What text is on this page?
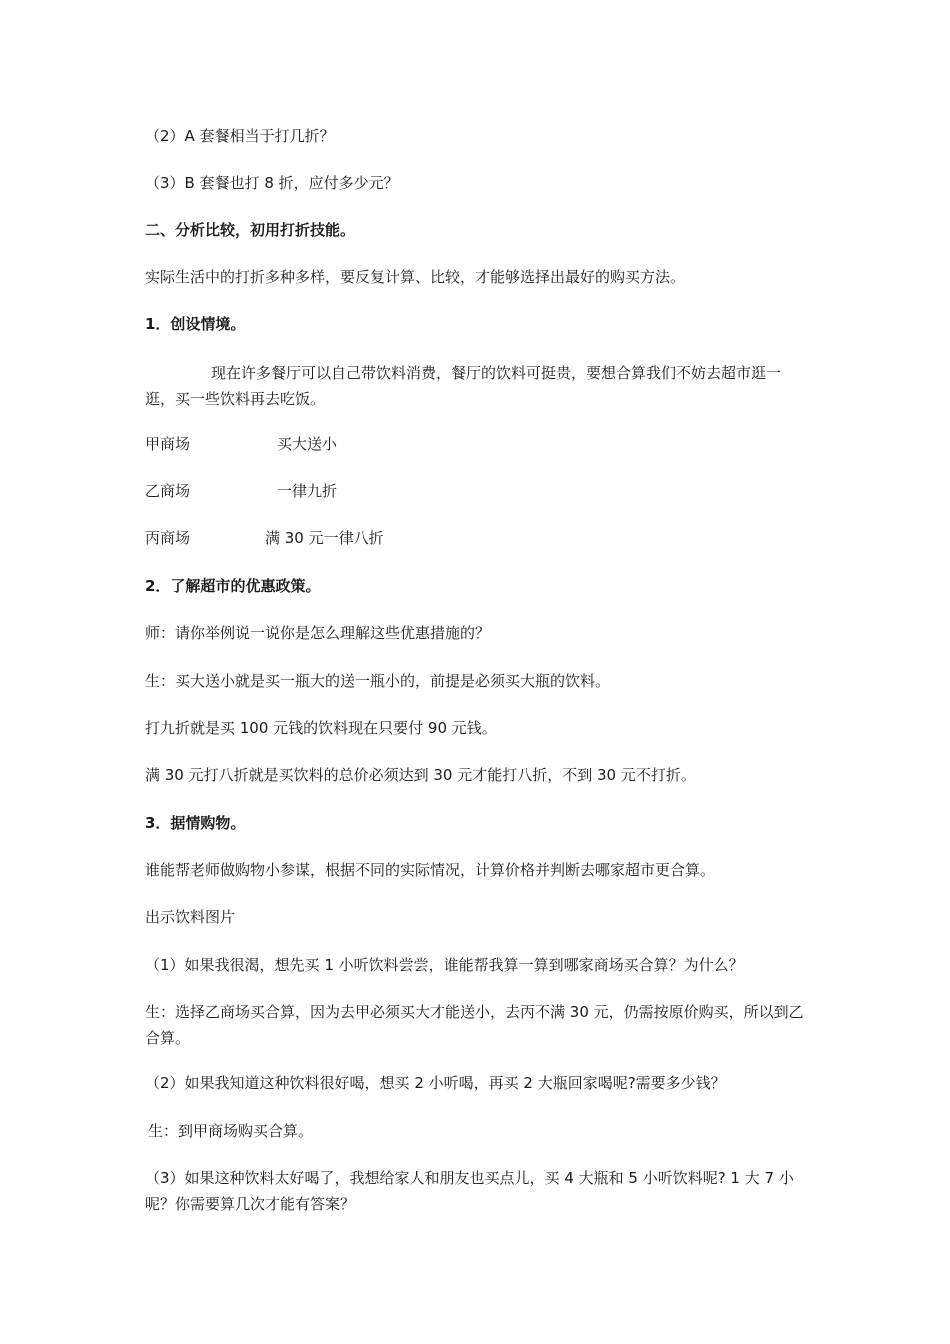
（2）A 套餐相当于打几折？
（3）B 套餐也打 8 折，应付多少元？
二、分析比较，初用打折技能。
实际生活中的打折多种多样，要反复计算、比较，才能够选择出最好的购买方法。
1．创设情境。
现在许多餐厅可以自己带饮料消费，餐厅的饮料可挺贵，要想合算我们不妨去超市逛一逛，买一些饮料再去吃饭。
甲商场	买大送小
乙商场	一律九折
丙商场	满 30 元一律八折
2．了解超市的优惠政策。
师：请你举例说一说你是怎么理解这些优惠措施的？
生：买大送小就是买一瓶大的送一瓶小的，前提是必须买大瓶的饮料。
打九折就是买 100 元钱的饮料现在只要付 90 元钱。
满 30 元打八折就是买饮料的总价必须达到 30 元才能打八折，不到 30 元不打折。
3．据情购物。
谁能帮老师做购物小参谋，根据不同的实际情况，计算价格并判断去哪家超市更合算。
出示饮料图片
（1）如果我很渴，想先买 1 小听饮料尝尝，谁能帮我算一算到哪家商场买合算？为什么？
生：选择乙商场买合算，因为去甲必须买大才能送小，去丙不满 30 元，仍需按原价购买，所以到乙合算。
（2）如果我知道这种饮料很好喝，想买 2 小听喝，再买 2 大瓶回家喝呢?需要多少钱？
生：到甲商场购买合算。
（3）如果这种饮料太好喝了，我想给家人和朋友也买点儿，买 4 大瓶和 5 小听饮料呢? 1 大 7 小呢？你需要算几次才能有答案？
